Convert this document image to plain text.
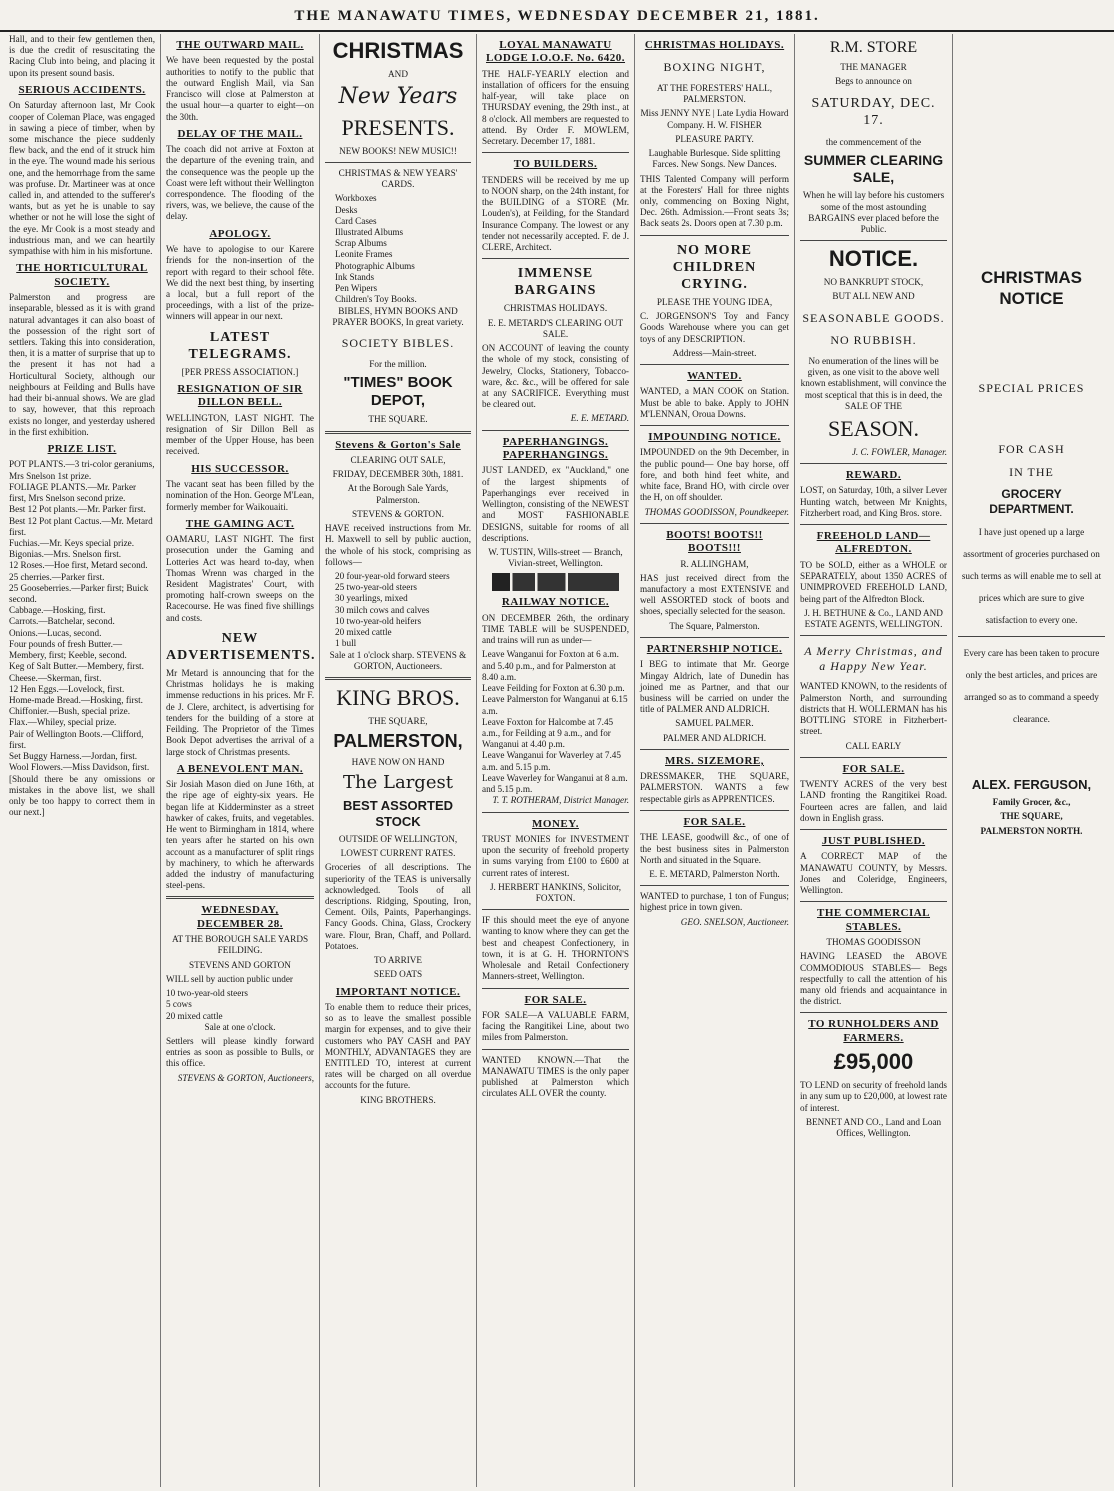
THE MANAWATU TIMES, WEDNESDAY DECEMBER 21, 1881.

Hall, and to their few gentlemen then, is due the credit of resuscitating the Racing Club into being, and placing it upon its present sound basis.

SERIOUS ACCIDENTS.

On Saturday afternoon last, Mr Cook cooper of Coleman Place, was engaged in sawing a piece of timber, when by some mischance the piece suddenly flew back, and the end of it struck him in the eye. The wound made his serious one, and the hemorrhage from the same was profuse. Dr. Martineer was at once called in, and attended to the sufferer's wants, but as yet he is unable to say whether or not he will lose the sight of the eye. Mr Cook is a most steady and industrious man, and we can heartily sympathise with him in his misfortune.

THE HORTICULTURAL SOCIETY.

Palmerston and progress are inseparable, blessed as it is with grand natural advantages it can also boast of the possession of the right sort of settlers. Taking this into consideration, then, it is a matter of surprise that up to the present it has not had a Horticultural Society, although our neighbours at Feilding and Bulls have had their bi-annual shows. We are glad to say, however, that this reproach exists no longer, and yesterday ushered in the first exhibition.

PRIZE LIST.
POT PLANTS.—3 tri-color geraniums, Mrs Snelson 1st prize.
FOLIAGE PLANTS.—Mr. Parker first, Mrs Snelson second prize.
Best 12 Pot plants.—Mr. Parker first.
Best 12 Pot plant Cactus.—Mr. Metard first.
Fuchias.—Mr. Keys special prize.
Bigonias.—Mrs. Snelson first.
12 Roses.—Hoe first, Metard second.
25 cherries.—Parker first.
25 Gooseberries.—Parker first; Buick second.
Cabbage.—Hosking, first.
Carrots.—Batchelar, second.
Onions.—Lucas, second.
Four pounds of fresh Butter.—Membery, first; Keeble, second.
Keg of Salt Butter.—Membery, first.
Cheese.—Skerman, first.
12 Hen Eggs.—Lovelock, first.
Home-made Bread.—Hosking, first.
Chiffonier.—Bush, special prize.
Flax.—Whiley, special prize.
Pair of Wellington Boots.—Clifford, first.
Set Buggy Harness.—Jordan, first.
Wool Flowers.—Miss Davidson, first.

[Should there be any omissions or mistakes in the above list, we shall only be too happy to correct them in our next.]

THE OUTWARD MAIL.

We have been requested by the postal authorities to notify to the public that the outward English Mail, via San Francisco will close at Palmerston at the usual hour—a quarter to eight—on the 30th.

DELAY OF THE MAIL.

The coach did not arrive at Foxton at the departure of the evening train, and the consequence was the people up the Coast were left without their Wellington correspondence. The flooding of the rivers, was, we believe, the cause of the delay.

APOLOGY.

We have to apologise to our Karere friends for the non-insertion of the report with regard to their school fête. We did the next best thing, by inserting a local, but a full report of the proceedings, with a list of the prize-winners will appear in our next.

LATEST TELEGRAMS.

[PER PRESS ASSOCIATION.]

RESIGNATION OF SIR DILLON BELL.

WELLINGTON, LAST NIGHT. The resignation of Sir Dillon Bell as member of the Upper House, has been received.

HIS SUCCESSOR.

The vacant seat has been filled by the nomination of the Hon. George M'Lean, formerly member for Waikouaiti.

THE GAMING ACT.

OAMARU, LAST NIGHT. The first prosecution under the Gaming and Lotteries Act was heard to-day, when Thomas Wrenn was charged in the Resident Magistrates' Court, with promoting half-crown sweeps on the Racecourse. He was fined five shillings and costs.

NEW ADVERTISEMENTS.

Mr Metard is announcing that for the Christmas holidays he is making immense reductions in his prices. Mr F. de J. Clere, architect, is advertising for tenders for the building of a store at Feilding. The Proprietor of the Times Book Depot advertises the arrival of a large stock of Christmas presents.

A BENEVOLENT MAN.

Sir Josiah Mason died on June 16th, at the ripe age of eighty-six years. He began life at Kidderminster as a street hawker of cakes, fruits, and vegetables. He went to Birmingham in 1814, where ten years after he started on his own account as a manufacturer of split rings by machinery, to which he afterwards added the industry of manufacturing steel-pens.

WEDNESDAY, DECEMBER 28.

AT THE BOROUGH SALE YARDS FEILDING.

STEVENS AND GORTON

WILL sell by auction public under

10 two-year-old steers
5 cows
20 mixed cattle

Sale at one o'clock.

Settlers will please kindly forward entries as soon as possible to Bulls, or this office.

STEVENS & GORTON, Auctioneers,

CHRISTMAS
AND
New Years
PRESENTS.

NEW BOOKS! NEW MUSIC!!

CHRISTMAS & NEW YEARS' CARDS.

Workboxes
Desks
Card Cases
Illustrated Albums
Scrap Albums
Leonite Frames
Photographic Albums
Ink Stands
Pen Wipers
Children's Toy Books.

BIBLES, HYMN BOOKS AND PRAYER BOOKS, In great variety.

SOCIETY BIBLES.

For the million.

"TIMES" BOOK DEPOT,

THE SQUARE.

Stevens & Gorton's Sale

CLEARING OUT SALE,

FRIDAY, DECEMBER 30th, 1881.

At the Borough Sale Yards, Palmerston.

STEVENS & GORTON.

HAVE received instructions from Mr. H. Maxwell to sell by public auction, the whole of his stock, comprising as follows—

20 four-year-old forward steers
25 two-year-old steers
30 yearlings, mixed
30 milch cows and calves
10 two-year-old heifers
20 mixed cattle
1 bull

Sale at 1 o'clock sharp. STEVENS & GORTON, Auctioneers.

KING BROS.

THE SQUARE,

PALMERSTON,

HAVE NOW ON HAND

The Largest
BEST ASSORTED STOCK

OUTSIDE OF WELLINGTON,

LOWEST CURRENT RATES.

Groceries of all descriptions. The superiority of the TEAS is universally acknowledged. Tools of all descriptions. Ridging, Spouting, Iron, Cement. Oils, Paints, Paperhangings. Fancy Goods. China, Glass, Crockery ware. Flour, Bran, Chaff, and Pollard. Potatoes.

TO ARRIVE

SEED OATS

IMPORTANT NOTICE.

To enable them to reduce their prices, so as to leave the smallest possible margin for expenses, and to give their customers who PAY CASH and PAY MONTHLY, ADVANTAGES they are ENTITLED TO, interest at current rates will be charged on all overdue accounts for the future.

KING BROTHERS.

LOYAL MANAWATU LODGE I.O.O.F. No. 6420.

THE HALF-YEARLY election and installation of officers for the ensuing half-year, will take place on THURSDAY evening, the 29th inst., at 8 o'clock. All members are requested to attend. By Order F. MOWLEM, Secretary. December 17, 1881.

TO BUILDERS.

TENDERS will be received by me up to NOON sharp, on the 24th instant, for the BUILDING of a STORE (Mr. Louden's), at Feilding, for the Standard Insurance Company. The lowest or any tender not necessarily accepted. F. de J. CLERE, Architect.

IMMENSE BARGAINS

CHRISTMAS HOLIDAYS.

E. E. METARD'S CLEARING OUT SALE.

ON ACCOUNT of leaving the county the whole of my stock, consisting of Jewelry, Clocks, Stationery, Tobacco-ware, &c. &c., will be offered for sale at any SACRIFICE. Everything must be cleared out.

E. E. METARD.

PAPERHANGINGS. PAPERHANGINGS.

JUST LANDED, ex "Auckland," one of the largest shipments of Paperhangings ever received in Wellington, consisting of the NEWEST and MOST FASHIONABLE DESIGNS, suitable for rooms of all descriptions.

W. TUSTIN, Wills-street — Branch, Vivian-street, Wellington.

RAILWAY NOTICE.

ON DECEMBER 26th, the ordinary TIME TABLE will be SUSPENDED, and trains will run as under—

Leave Wanganui for Foxton at 6 a.m. and 5.40 p.m., and for Palmerston at 8.40 a.m.
Leave Feilding for Foxton at 6.30 p.m.
Leave Palmerston for Wanganui at 6.15 a.m.
Leave Foxton for Halcombe at 7.45 a.m., for Feilding at 9 a.m., and for Wanganui at 4.40 p.m.
Leave Wanganui for Waverley at 7.45 a.m. and 5.15 p.m.
Leave Waverley for Wanganui at 8 a.m. and 5.15 p.m.

T. T. ROTHERAM, District Manager.

MONEY.

TRUST MONIES for INVESTMENT upon the security of freehold property in sums varying from £100 to £600 at current rates of interest.

J. HERBERT HANKINS, Solicitor, FOXTON.

IF this should meet the eye of anyone wanting to know where they can get the best and cheapest Confectionery, in town, it is at G. H. THORNTON'S Wholesale and Retail Confectionery Manners-street, Wellington.

FOR SALE.

FOR SALE—A VALUABLE FARM, facing the Rangitikei Line, about two miles from Palmerston.

WANTED KNOWN.—That the MANAWATU TIMES is the only paper published at Palmerston which circulates ALL OVER the county.

CHRISTMAS HOLIDAYS.

BOXING NIGHT,

AT THE FORESTERS' HALL, PALMERSTON.

Miss JENNY NYE | Late Lydia Howard Company. H. W. FISHER

PLEASURE PARTY.

Laughable Burlesque. Side splitting Farces. New Songs. New Dances.

THIS Talented Company will perform at the Foresters' Hall for three nights only, commencing on Boxing Night, Dec. 26th. Admission.—Front seats 3s; Back seats 2s. Doors open at 7.30 p.m.

NO MORE CHILDREN CRYING.

PLEASE THE YOUNG IDEA,

C. JORGENSON'S Toy and Fancy Goods Warehouse where you can get toys of any DESCRIPTION.

Address—Main-street.

WANTED.

WANTED, a MAN COOK on Station. Must be able to bake. Apply to JOHN M'LENNAN, Oroua Downs.

IMPOUNDING NOTICE.

IMPOUNDED on the 9th December, in the public pound— One bay horse, off fore, and both hind feet white, and white face, Brand HO, with circle over the H, on off shoulder.

THOMAS GOODISSON, Poundkeeper.

BOOTS! BOOTS!! BOOTS!!!

R. ALLINGHAM,

HAS just received direct from the manufactory a most EXTENSIVE and well ASSORTED stock of boots and shoes, specially selected for the season.

The Square, Palmerston.

PARTNERSHIP NOTICE.

I BEG to intimate that Mr. George Mingay Aldrich, late of Dunedin has joined me as Partner, and that our business will be carried on under the title of PALMER AND ALDRICH.

SAMUEL PALMER.

PALMER AND ALDRICH.

MRS. SIZEMORE,

DRESSMAKER, THE SQUARE, PALMERSTON. WANTS a few respectable girls as APPRENTICES.

FOR SALE.

THE LEASE, goodwill &c., of one of the best business sites in Palmerston North and situated in the Square.

E. E. METARD, Palmerston North.

WANTED to purchase, 1 ton of Fungus; highest price in town given.

GEO. SNELSON, Auctioneer.

R.M. STORE

THE MANAGER

Begs to announce on

SATURDAY, DEC. 17.

the commencement of the

SUMMER CLEARING SALE,

When he will lay before his customers some of the most astounding BARGAINS ever placed before the Public.

NOTICE.

NO BANKRUPT STOCK,

BUT ALL NEW AND

SEASONABLE GOODS.

NO RUBBISH.

No enumeration of the lines will be given, as one visit to the above well known establishment, will convince the most sceptical that this is in deed, the SALE OF THE

SEASON.

J. C. FOWLER, Manager.

REWARD.

LOST, on Saturday, 10th, a silver Lever Hunting watch, between Mr Knights, Fitzherbert road, and King Bros. store.

FREEHOLD LAND—ALFREDTON.

TO be SOLD, either as a WHOLE or SEPARATELY, about 1350 ACRES of UNIMPROVED FREEHOLD LAND, being part of the Alfredton Block.

J. H. BETHUNE & Co., LAND AND ESTATE AGENTS, WELLINGTON.

A Merry Christmas, and a Happy New Year.

WANTED KNOWN, to the residents of Palmerston North, and surrounding districts that H. WOLLERMAN has his BOTTLING STORE in Fitzherbert-street.

CALL EARLY

FOR SALE.

TWENTY ACRES of the very best LAND fronting the Rangitikei Road. Fourteen acres are fallen, and laid down in English grass.

JUST PUBLISHED.

A CORRECT MAP of the MANAWATU COUNTY, by Messrs. Jones and Coleridge, Engineers, Wellington.

THE COMMERCIAL STABLES.

THOMAS GOODISSON

HAVING LEASED the ABOVE COMMODIOUS STABLES— Begs respectfully to call the attention of his many old friends and acquaintance in the district.

TO RUNHOLDERS AND FARMERS.
£95,000

TO LEND on security of freehold lands in any sum up to £20,000, at lowest rate of interest.

BENNET AND CO., Land and Loan Offices, Wellington.

CHRISTMAS NOTICE

SPECIAL PRICES

FOR CASH

IN THE

GROCERY DEPARTMENT.

I have just opened up a large assortment of groceries purchased on such terms as will enable me to sell at prices which are sure to give satisfaction to every one.

Every care has been taken to procure only the best articles, and prices are arranged so as to command a speedy clearance.

ALEX. FERGUSON,

Family Grocer, &c.,

THE SQUARE,

PALMERSTON NORTH.
